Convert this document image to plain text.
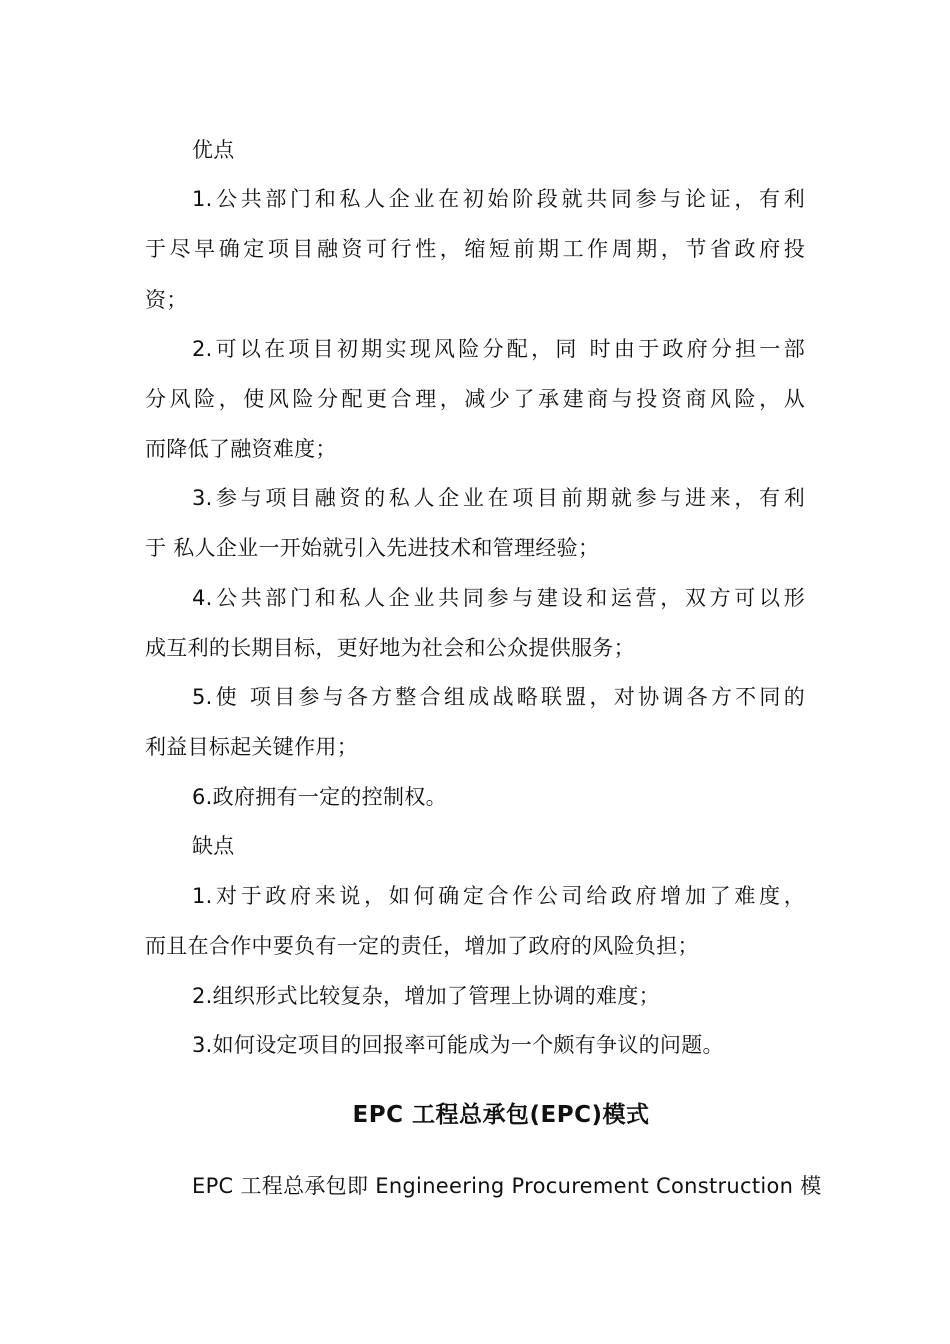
优点
1.公共部门和私人企业在初始阶段就共同参与论证，有利
于尽早确定项目融资可行性，缩短前期工作周期，节省政府投
资；
2.可以在项目初期实现风险分配，同 时由于政府分担一部
分风险，使风险分配更合理，减少了承建商与投资商风险，从
而降低了融资难度；
3.参与项目融资的私人企业在项目前期就参与进来，有利
于 私人企业一开始就引入先进技术和管理经验；
4.公共部门和私人企业共同参与建设和运营，双方可以形
成互利的长期目标，更好地为社会和公众提供服务；
5.使 项目参与各方整合组成战略联盟，对协调各方不同的
利益目标起关键作用；
6.政府拥有一定的控制权。
缺点
1.对于政府来说，如何确定合作公司给政府增加了难度，
而且在合作中要负有一定的责任，增加了政府的风险负担；
2.组织形式比较复杂，增加了管理上协调的难度；
3.如何设定项目的回报率可能成为一个颇有争议的问题。
EPC 工程总承包(EPC)模式
EPC 工程总承包即 Engineering Procurement Construction 模
